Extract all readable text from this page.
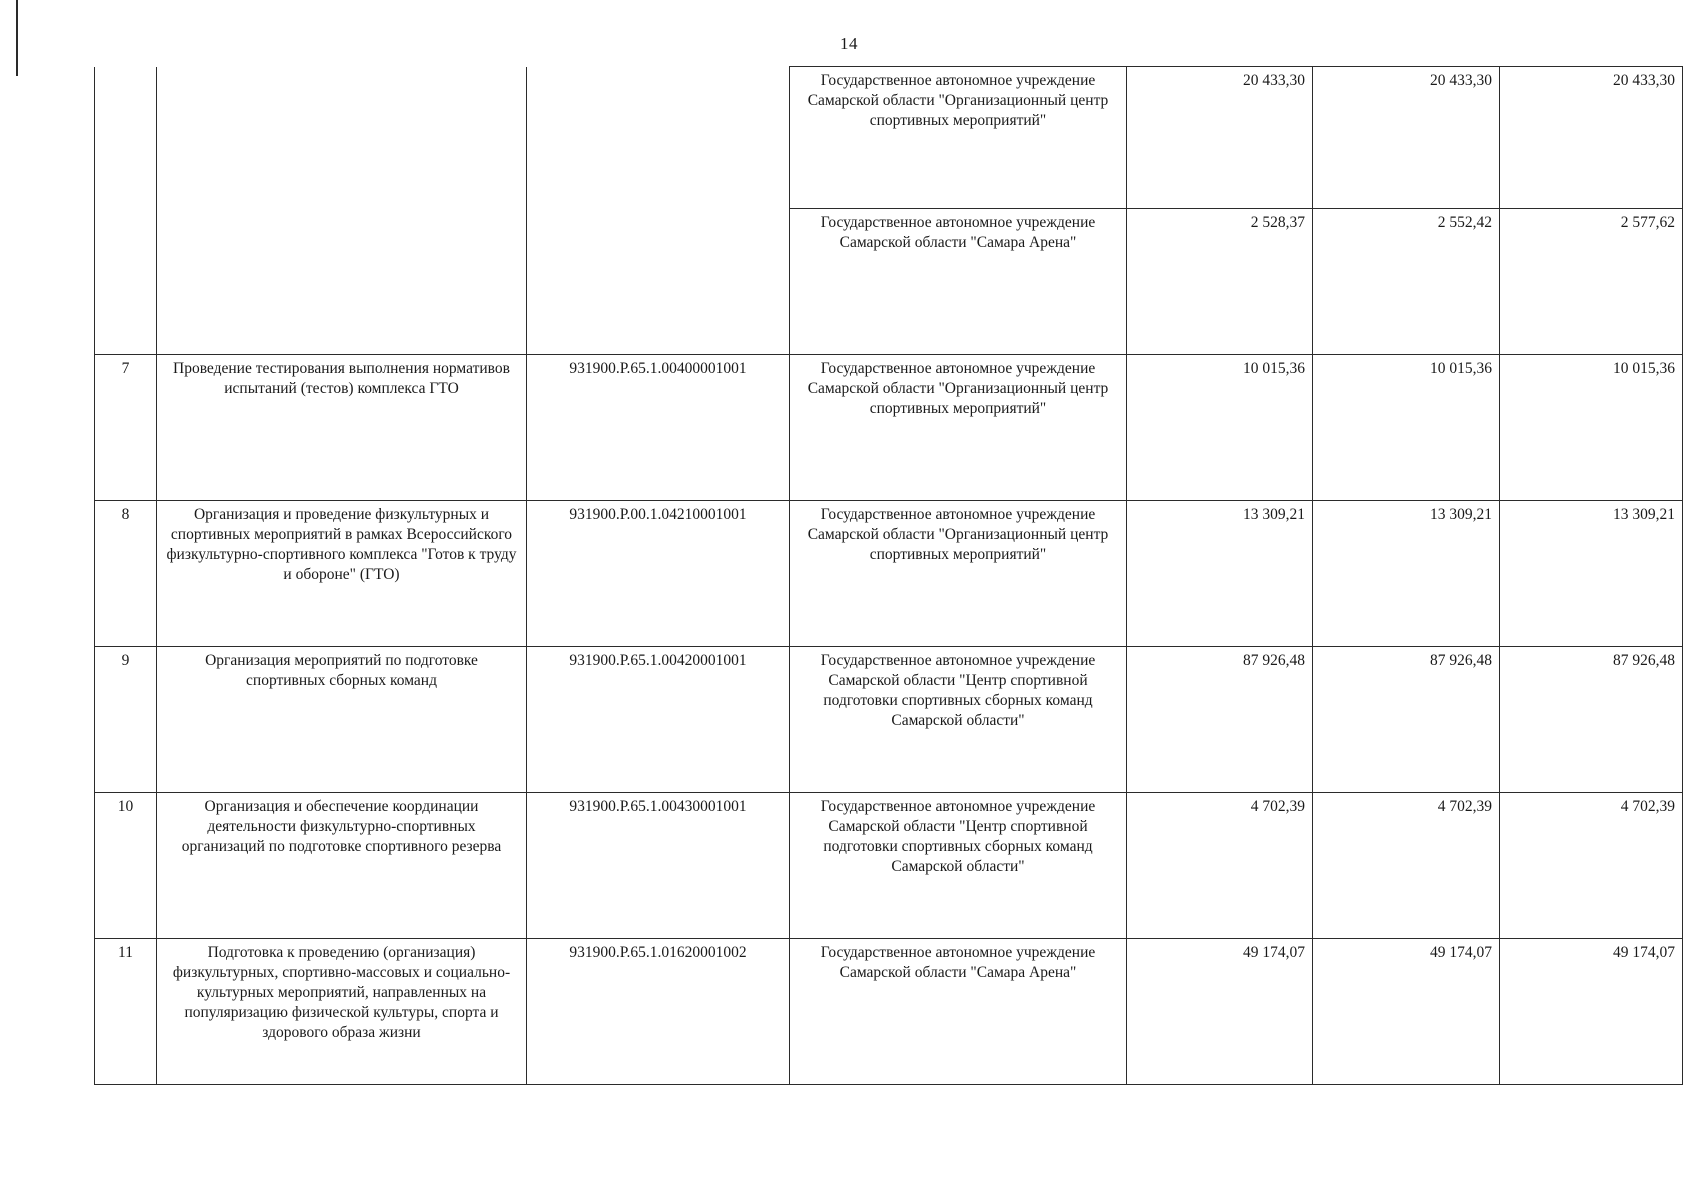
14
			Государственное автономное учреждение Самарской области "Организационный центр спортивных мероприятий"	20 433,30	20 433,30	20 433,30
			Государственное автономное учреждение Самарской области "Самара Арена"	2 528,37	2 552,42	2 577,62
7	Проведение тестирования выполнения нормативов испытаний (тестов) комплекса ГТО	931900.Р.65.1.00400001001	Государственное автономное учреждение Самарской области "Организационный центр спортивных мероприятий"	10 015,36	10 015,36	10 015,36
8	Организация и проведение физкультурных и спортивных мероприятий в рамках Всероссийского физкультурно-спортивного комплекса "Готов к труду и обороне" (ГТО)	931900.Р.00.1.04210001001	Государственное автономное учреждение Самарской области "Организационный центр спортивных мероприятий"	13 309,21	13 309,21	13 309,21
9	Организация мероприятий по подготовке спортивных сборных команд	931900.Р.65.1.00420001001	Государственное автономное учреждение Самарской области "Центр спортивной подготовки спортивных сборных команд Самарской области"	87 926,48	87 926,48	87 926,48
10	Организация и обеспечение координации деятельности физкультурно-спортивных организаций по подготовке спортивного резерва	931900.Р.65.1.00430001001	Государственное автономное учреждение Самарской области "Центр спортивной подготовки спортивных сборных команд Самарской области"	4 702,39	4 702,39	4 702,39
11	Подготовка к проведению (организация) физкультурных, спортивно-массовых и социально-культурных мероприятий, направленных на популяризацию физической культуры, спорта и здорового образа жизни	931900.Р.65.1.01620001002	Государственное автономное учреждение Самарской области "Самара Арена"	49 174,07	49 174,07	49 174,07
